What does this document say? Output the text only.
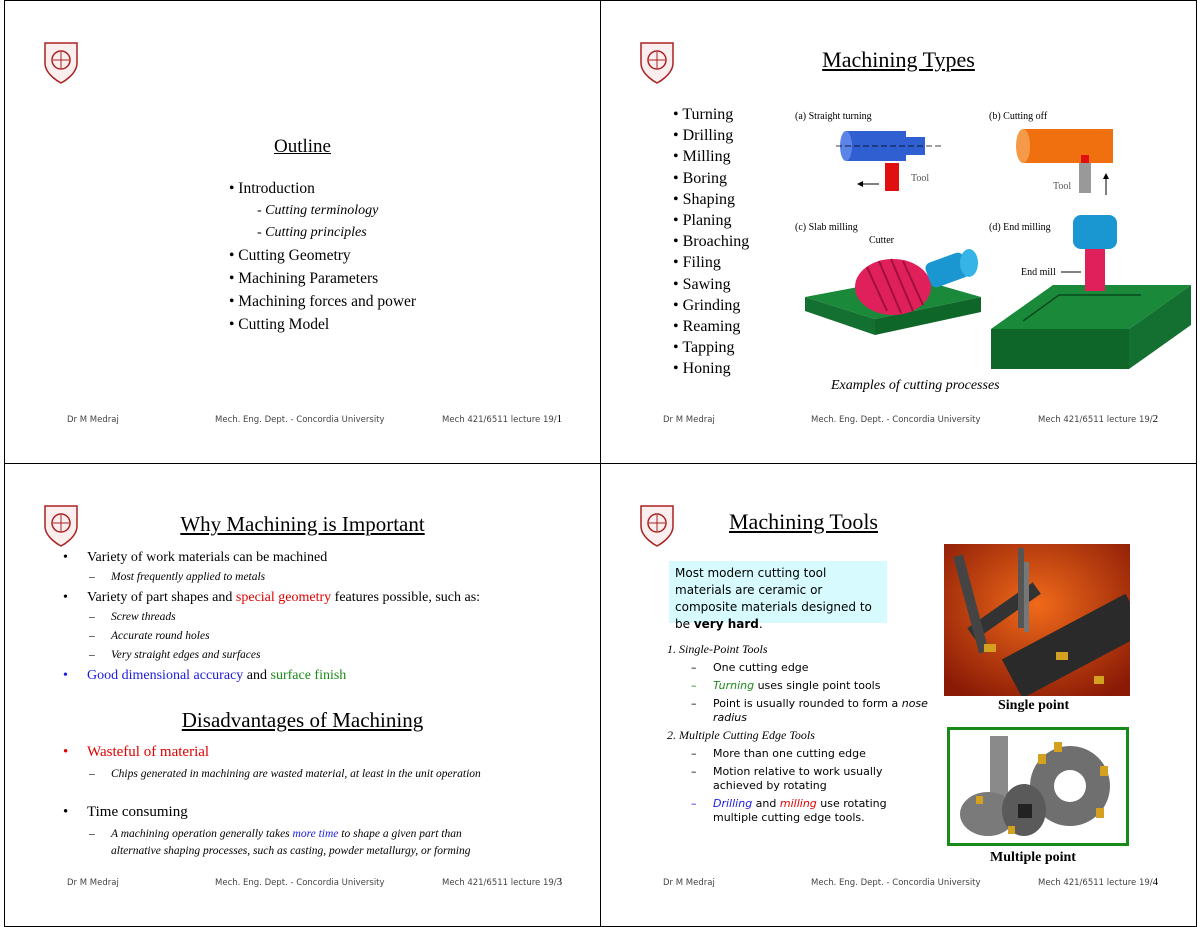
Outline
• Introduction
- Cutting terminology
- Cutting principles
• Cutting Geometry
• Machining Parameters
• Machining forces and power
• Cutting Model
Dr M Medraj	Mech. Eng. Dept. - Concordia University	Mech 421/6511 lecture 19/1
Machining Types
• Turning
• Drilling
• Milling
• Boring
• Shaping
• Planing
• Broaching
• Filing
• Sawing
• Grinding
• Reaming
• Tapping
• Honing
(a) Straight turning
Tool
(b) Cutting off
Tool
(c) Slab milling
Cutter
(d) End milling
End mill
Examples of cutting processes
Dr M Medraj	Mech. Eng. Dept. - Concordia University	Mech 421/6511 lecture 19/2
Why Machining is Important
• Variety of work materials can be machined
– Most frequently applied to metals
• Variety of part shapes and special geometry features possible, such as:
– Screw threads
– Accurate round holes
– Very straight edges and surfaces
• Good dimensional accuracy and surface finish
Disadvantages of Machining
• Wasteful of material
– Chips generated in machining are wasted material, at least in the unit operation
• Time consuming
– A machining operation generally takes more time to shape a given part than alternative shaping processes, such as casting, powder metallurgy, or forming
Dr M Medraj	Mech. Eng. Dept. - Concordia University	Mech 421/6511 lecture 19/3
Machining Tools
Most modern cutting tool materials are ceramic or composite materials designed to be very hard.
1. Single-Point Tools
– One cutting edge
– Turning uses single point tools
– Point is usually rounded to form a nose radius
2. Multiple Cutting Edge Tools
– More than one cutting edge
– Motion relative to work usually achieved by rotating
– Drilling and milling use rotating multiple cutting edge tools.
Single point
Multiple point
Dr M Medraj	Mech. Eng. Dept. - Concordia University	Mech 421/6511 lecture 19/4
